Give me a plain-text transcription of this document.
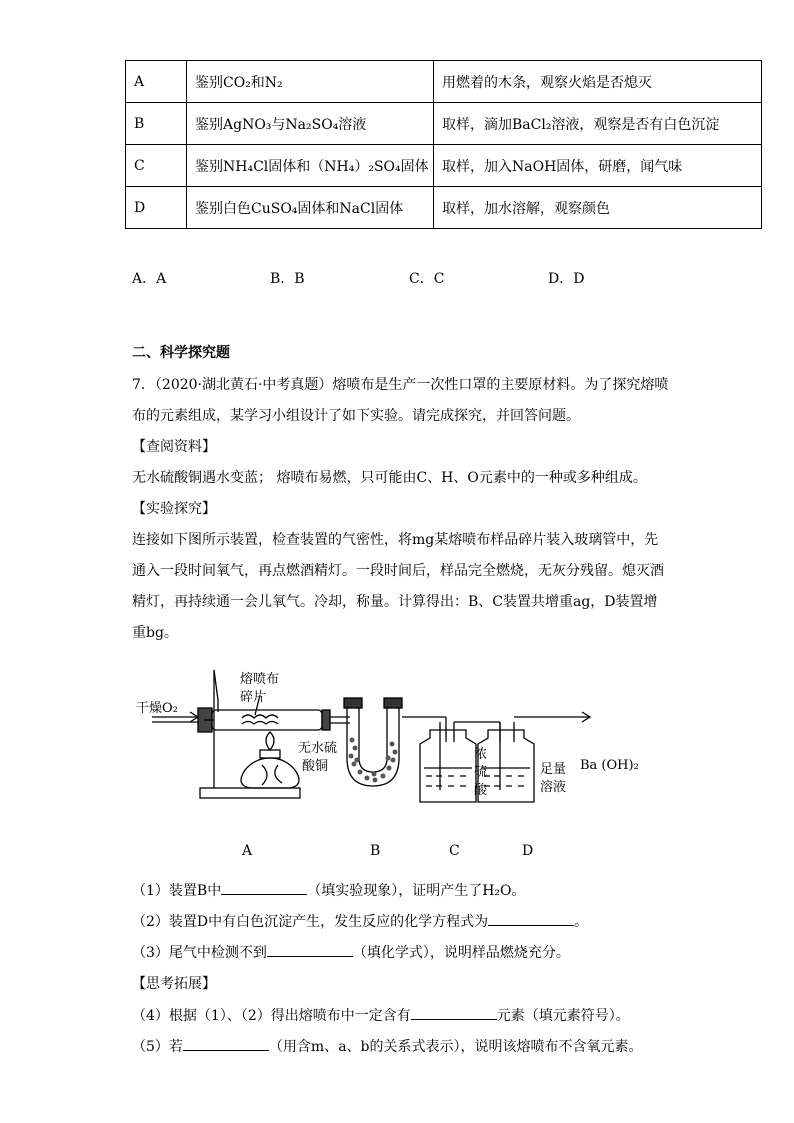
A	鉴别CO₂和N₂	用燃着的木条，观察火焰是否熄灭
B	鉴别AgNO₃与Na₂SO₄溶液	取样，滴加BaCl₂溶液，观察是否有白色沉淀
C	鉴别NH₄Cl固体和（NH₄）₂SO₄固体	取样，加入NaOH固体，研磨，闻气味
D	鉴别白色CuSO₄固体和NaCl固体	取样，加水溶解，观察颜色
A．A	B．B	C．C	D．D
二、科学探究题
7．（2020·湖北黄石·中考真题）熔喷布是生产一次性口罩的主要原材料。为了探究熔喷
布的元素组成，某学习小组设计了如下实验。请完成探究，并回答问题。
【查阅资料】
无水硫酸铜遇水变蓝； 熔喷布易燃，只可能由C、H、O元素中的一种或多种组成。
【实验探究】
连接如下图所示装置，检查装置的气密性，将mg某熔喷布样品碎片装入玻璃管中，先
通入一段时间氧气，再点燃酒精灯。一段时间后，样品完全燃烧，无灰分残留。熄灭酒
精灯，再持续通一会儿氧气。冷却，称量。计算得出：B、C装置共增重ag，D装置增
重bg。
干燥O₂
熔喷布
碎片
无水硫
酸铜
浓
硫
酸
足量 Ba (OH)₂
溶液
A	B	C	D
（1）装置B中	（填实验现象），证明产生了H₂O。
（2）装置D中有白色沉淀产生，发生反应的化学方程式为	。
（3）尾气中检测不到	（填化学式），说明样品燃烧充分。
【思考拓展】
（4）根据（1）、（2）得出熔喷布中一定含有	元素（填元素符号）。
（5）若	（用含m、a、b的关系式表示），说明该熔喷布不含氧元素。
